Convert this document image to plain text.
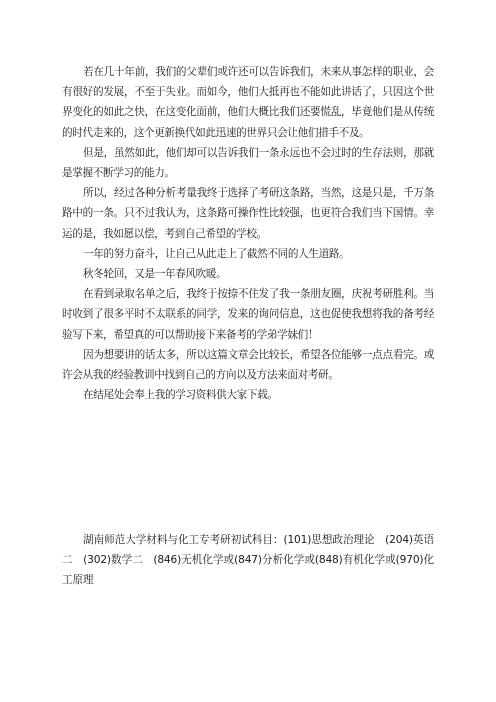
若在几十年前，我们的父辈们或许还可以告诉我们，未来从事怎样的职业，会有很好的发展，不至于失业。而如今，他们大抵再也不能如此讲话了，只因这个世界变化的如此之快，在这变化面前，他们大概比我们还要慌乱，毕竟他们是从传统的时代走来的，这个更新换代如此迅速的世界只会让他们措手不及。

但是，虽然如此，他们却可以告诉我们一条永远也不会过时的生存法则，那就是掌握不断学习的能力。

所以，经过各种分析考量我终于选择了考研这条路，当然，这是只是，千万条路中的一条。只不过我认为，这条路可操作性比较强，也更符合我们当下国情。幸运的是，我如愿以偿，考到自己希望的学校。

一年的努力奋斗，让自己从此走上了截然不同的人生道路。

秋冬轮回，又是一年春风吹暖。

在看到录取名单之后，我终于按捺不住发了我一条朋友圈，庆祝考研胜利。当时收到了很多平时不太联系的同学，发来的询问信息，这也促使我想将我的备考经验写下来，希望真的可以帮助接下来备考的学弟学妹们！

因为想要讲的话太多，所以这篇文章会比较长，希望各位能够一点点看完。或许会从我的经验教训中找到自己的方向以及方法来面对考研。

在结尾处会奉上我的学习资料供大家下载。

湖南师范大学材料与化工专考研初试科目：(101)思想政治理论　(204)英语二　(302)数学二　(846)无机化学或(847)分析化学或(848)有机化学或(970)化工原理
